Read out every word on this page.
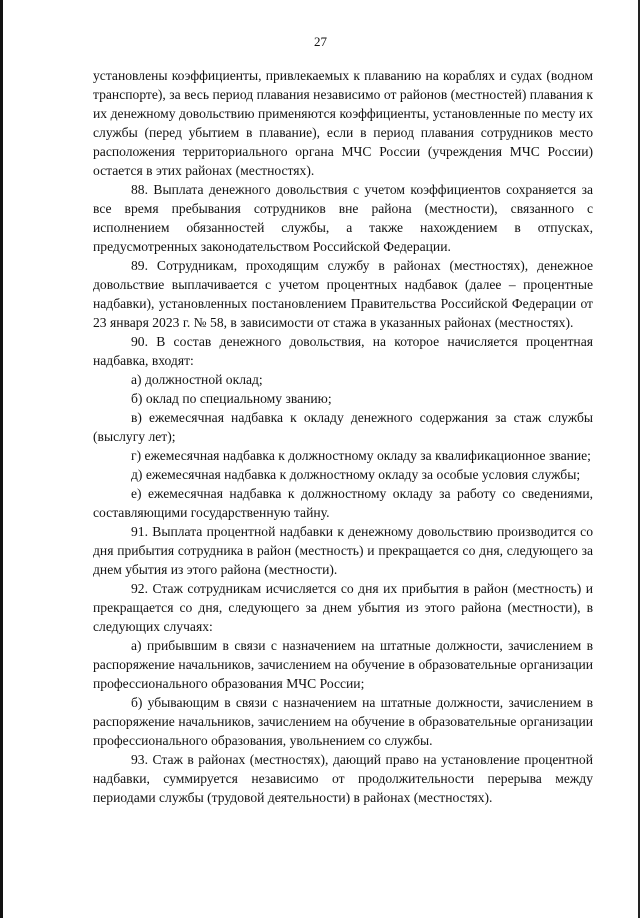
27

установлены коэффициенты, привлекаемых к плаванию на кораблях и судах (водном транспорте), за весь период плавания независимо от районов (местностей) плавания к их денежному довольствию применяются коэффициенты, установленные по месту их службы (перед убытием в плавание), если в период плавания сотрудников место расположения территориального органа МЧС России (учреждения МЧС России) остается в этих районах (местностях).

88. Выплата денежного довольствия с учетом коэффициентов сохраняется за все время пребывания сотрудников вне района (местности), связанного с исполнением обязанностей службы, а также нахождением в отпусках, предусмотренных законодательством Российской Федерации.

89. Сотрудникам, проходящим службу в районах (местностях), денежное довольствие выплачивается с учетом процентных надбавок (далее – процентные надбавки), установленных постановлением Правительства Российской Федерации от 23 января 2023 г. № 58, в зависимости от стажа в указанных районах (местностях).

90. В состав денежного довольствия, на которое начисляется процентная надбавка, входят:

а) должностной оклад;

б) оклад по специальному званию;

в) ежемесячная надбавка к окладу денежного содержания за стаж службы (выслугу лет);

г) ежемесячная надбавка к должностному окладу за квалификационное звание;

д) ежемесячная надбавка к должностному окладу за особые условия службы;

е) ежемесячная надбавка к должностному окладу за работу со сведениями, составляющими государственную тайну.

91. Выплата процентной надбавки к денежному довольствию производится со дня прибытия сотрудника в район (местность) и прекращается со дня, следующего за днем убытия из этого района (местности).

92. Стаж сотрудникам исчисляется со дня их прибытия в район (местность) и прекращается со дня, следующего за днем убытия из этого района (местности), в следующих случаях:

а) прибывшим в связи с назначением на штатные должности, зачислением в распоряжение начальников, зачислением на обучение в образовательные организации профессионального образования МЧС России;

б) убывающим в связи с назначением на штатные должности, зачислением в распоряжение начальников, зачислением на обучение в образовательные организации профессионального образования, увольнением со службы.

93. Стаж в районах (местностях), дающий право на установление процентной надбавки, суммируется независимо от продолжительности перерыва между периодами службы (трудовой деятельности) в районах (местностях).
